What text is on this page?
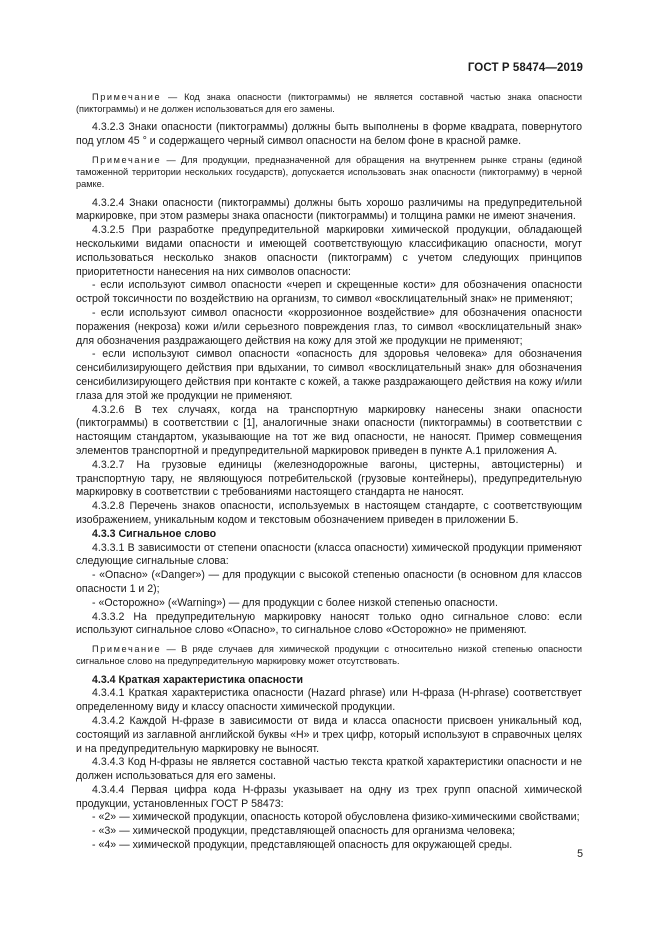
ГОСТ Р 58474—2019

Примечание — Код знака опасности (пиктограммы) не является составной частью знака опасности (пиктограммы) и не должен использоваться для его замены.

4.3.2.3 Знаки опасности (пиктограммы) должны быть выполнены в форме квадрата, повернутого под углом 45 ° и содержащего черный символ опасности на белом фоне в красной рамке.

Примечание — Для продукции, предназначенной для обращения на внутреннем рынке страны (единой таможенной территории нескольких государств), допускается использовать знак опасности (пиктограмму) в черной рамке.

4.3.2.4 Знаки опасности (пиктограммы) должны быть хорошо различимы на предупредительной маркировке, при этом размеры знака опасности (пиктограммы) и толщина рамки не имеют значения.

4.3.2.5 При разработке предупредительной маркировки химической продукции, обладающей несколькими видами опасности и имеющей соответствующую классификацию опасности, могут использоваться несколько знаков опасности (пиктограмм) с учетом следующих принципов приоритетности нанесения на них символов опасности:

- если используют символ опасности «череп и скрещенные кости» для обозначения опасности острой токсичности по воздействию на организм, то символ «восклицательный знак» не применяют;

- если используют символ опасности «коррозионное воздействие» для обозначения опасности поражения (некроза) кожи и/или серьезного повреждения глаз, то символ «восклицательный знак» для обозначения раздражающего действия на кожу для этой же продукции не применяют;

- если используют символ опасности «опасность для здоровья человека» для обозначения сенсибилизирующего действия при вдыхании, то символ «восклицательный знак» для обозначения сенсибилизирующего действия при контакте с кожей, а также раздражающего действия на кожу и/или глаза для этой же продукции не применяют.

4.3.2.6 В тех случаях, когда на транспортную маркировку нанесены знаки опасности (пиктограммы) в соответствии с [1], аналогичные знаки опасности (пиктограммы) в соответствии с настоящим стандартом, указывающие на тот же вид опасности, не наносят. Пример совмещения элементов транспортной и предупредительной маркировок приведен в пункте А.1 приложения А.

4.3.2.7 На грузовые единицы (железнодорожные вагоны, цистерны, автоцистерны) и транспортную тару, не являющуюся потребительской (грузовые контейнеры), предупредительную маркировку в соответствии с требованиями настоящего стандарта не наносят.

4.3.2.8 Перечень знаков опасности, используемых в настоящем стандарте, с соответствующим изображением, уникальным кодом и текстовым обозначением приведен в приложении Б.

4.3.3 Сигнальное слово

4.3.3.1 В зависимости от степени опасности (класса опасности) химической продукции применяют следующие сигнальные слова:

- «Опасно» («Danger») — для продукции с высокой степенью опасности (в основном для классов опасности 1 и 2);

- «Осторожно» («Warning») — для продукции с более низкой степенью опасности.

4.3.3.2 На предупредительную маркировку наносят только одно сигнальное слово: если используют сигнальное слово «Опасно», то сигнальное слово «Осторожно» не применяют.

Примечание — В ряде случаев для химической продукции с относительно низкой степенью опасности сигнальное слово на предупредительную маркировку может отсутствовать.

4.3.4 Краткая характеристика опасности

4.3.4.1 Краткая характеристика опасности (Hazard phrase) или H-фраза (H-phrase) соответствует определенному виду и классу опасности химической продукции.

4.3.4.2 Каждой H-фразе в зависимости от вида и класса опасности присвоен уникальный код, состоящий из заглавной английской буквы «H» и трех цифр, который используют в справочных целях и на предупредительную маркировку не выносят.

4.3.4.3 Код H-фразы не является составной частью текста краткой характеристики опасности и не должен использоваться для его замены.

4.3.4.4 Первая цифра кода H-фразы указывает на одну из трех групп опасной химической продукции, установленных ГОСТ Р 58473:

- «2» — химической продукции, опасность которой обусловлена физико-химическими свойствами;

- «3» — химической продукции, представляющей опасность для организма человека;

- «4» — химической продукции, представляющей опасность для окружающей среды.

5
